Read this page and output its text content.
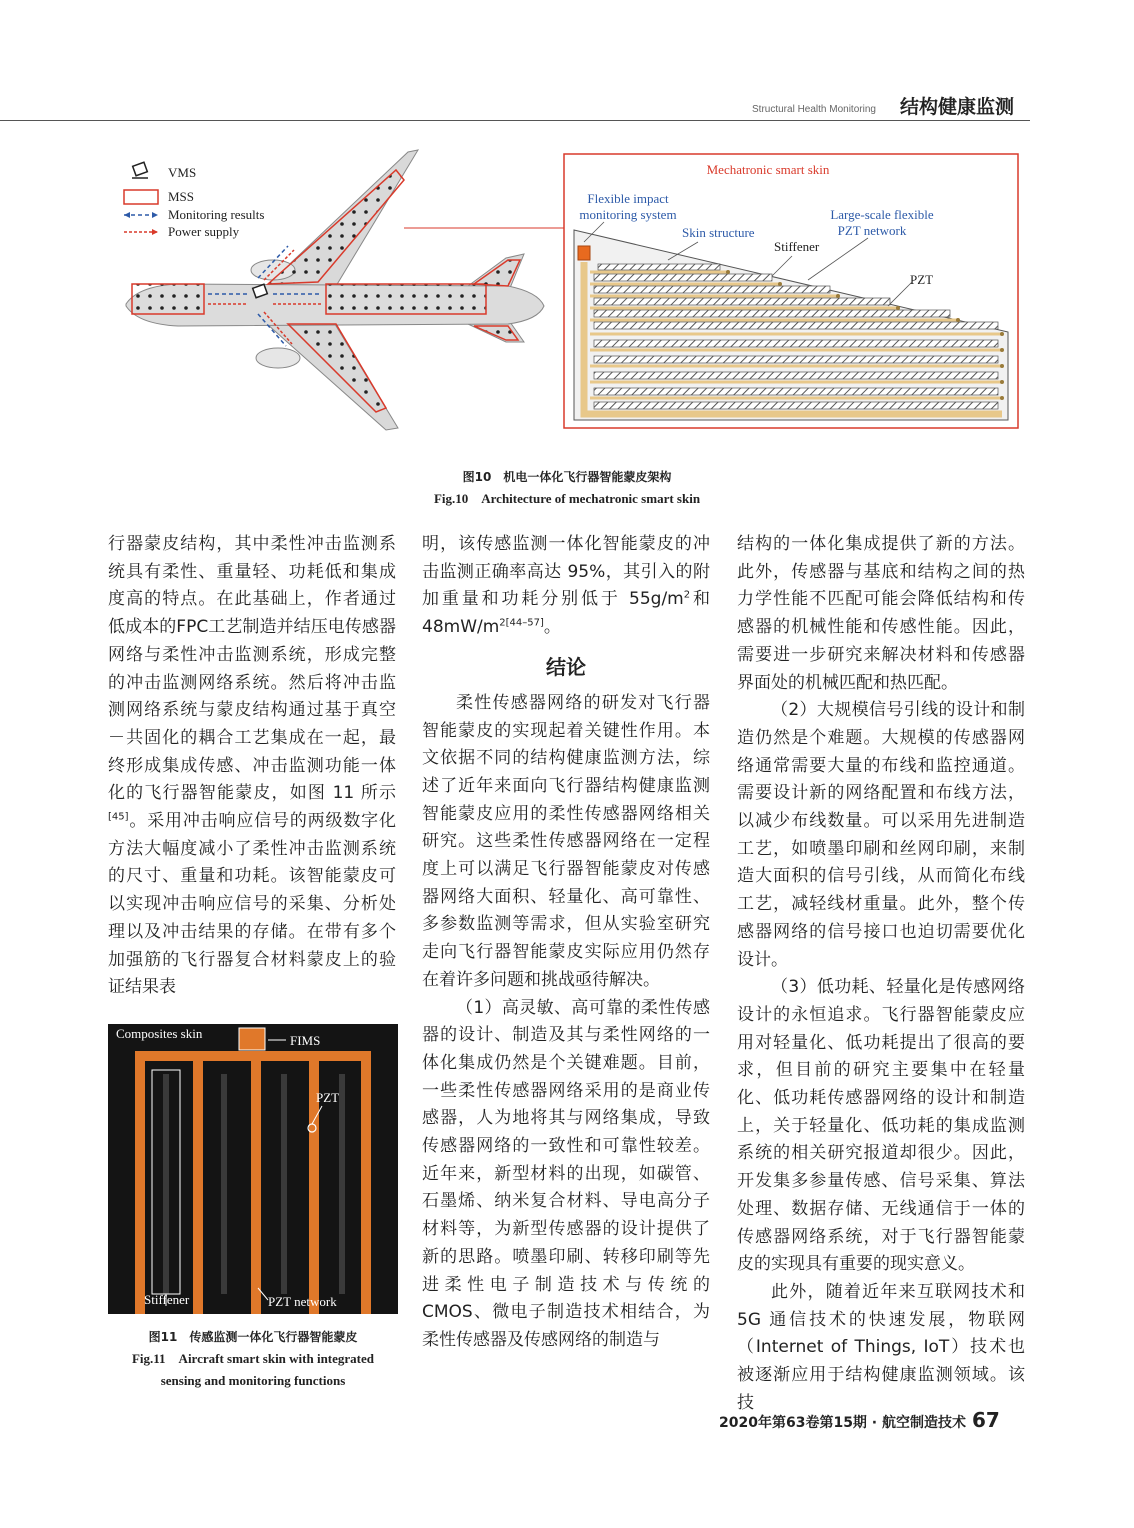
Structural Health Monitoring 结构健康监测
VMS
MSS
Monitoring results
Power supply
Mechatronic smart skin
Flexible impact
monitoring system
Skin structure
Stiffener
Large-scale flexible
PZT network
PZT
图10　机电一体化飞行器智能蒙皮架构
Fig.10　Architecture of mechatronic smart skin

行器蒙皮结构，其中柔性冲击监测系统具有柔性、重量轻、功耗低和集成度高的特点。在此基础上，作者通过低成本的FPC工艺制造并结压电传感器网络与柔性冲击监测系统，形成完整的冲击监测网络系统。然后将冲击监测网络系统与蒙皮结构通过基于真空－共固化的耦合工艺集成在一起，最终形成集成传感、冲击监测功能一体化的飞行器智能蒙皮，如图 11 所示[45]。采用冲击响应信号的两级数字化方法大幅度减小了柔性冲击监测系统的尺寸、重量和功耗。该智能蒙皮可以实现冲击响应信号的采集、分析处理以及冲击结果的存储。在带有多个加强筋的飞行器复合材料蒙皮上的验证结果表

Composites skin	FIMS
PZT
Stiffener	PZT network
图11　传感监测一体化飞行器智能蒙皮
Fig.11　Aircraft smart skin with integrated
sensing and monitoring functions

明，该传感监测一体化智能蒙皮的冲击监测正确率高达 95%，其引入的附加重量和功耗分别低于 $55g/m^2$和 $48mW/m^{2[44-57]}$。

结论

柔性传感器网络的研发对飞行器智能蒙皮的实现起着关键性作用。本文依据不同的结构健康监测方法，综述了近年来面向飞行器结构健康监测智能蒙皮应用的柔性传感器网络相关研究。这些柔性传感器网络在一定程度上可以满足飞行器智能蒙皮对传感器网络大面积、轻量化、高可靠性、多参数监测等需求，但从实验室研究走向飞行器智能蒙皮实际应用仍然存在着许多问题和挑战亟待解决。

（1）高灵敏、高可靠的柔性传感器的设计、制造及其与柔性网络的一体化集成仍然是个关键难题。目前，一些柔性传感器网络采用的是商业传感器，人为地将其与网络集成，导致传感器网络的一致性和可靠性较差。近年来，新型材料的出现，如碳管、石墨烯、纳米复合材料、导电高分子材料等，为新型传感器的设计提供了新的思路。喷墨印刷、转移印刷等先进柔性电子制造技术与传统的 CMOS、微电子制造技术相结合，为柔性传感器及传感网络的制造与

结构的一体化集成提供了新的方法。此外，传感器与基底和结构之间的热力学性能不匹配可能会降低结构和传感器的机械性能和传感性能。因此，需要进一步研究来解决材料和传感器界面处的机械匹配和热匹配。

（2）大规模信号引线的设计和制造仍然是个难题。大规模的传感器网络通常需要大量的布线和监控通道。需要设计新的网络配置和布线方法，以减少布线数量。可以采用先进制造工艺，如喷墨印刷和丝网印刷，来制造大面积的信号引线，从而简化布线工艺，减轻线材重量。此外，整个传感器网络的信号接口也迫切需要优化设计。

（3）低功耗、轻量化是传感网络设计的永恒追求。飞行器智能蒙皮应用对轻量化、低功耗提出了很高的要求，但目前的研究主要集中在轻量化、低功耗传感器网络的设计和制造上，关于轻量化、低功耗的集成监测系统的相关研究报道却很少。因此，开发集多参量传感、信号采集、算法处理、数据存储、无线通信于一体的传感器网络系统，对于飞行器智能蒙皮的实现具有重要的现实意义。

此外，随着近年来互联网技术和 5G 通信技术的快速发展，物联网（Internet of Things, IoT）技术也被逐渐应用于结构健康监测领域。该技

2020年第63卷第15期 · 航空制造技术 67
